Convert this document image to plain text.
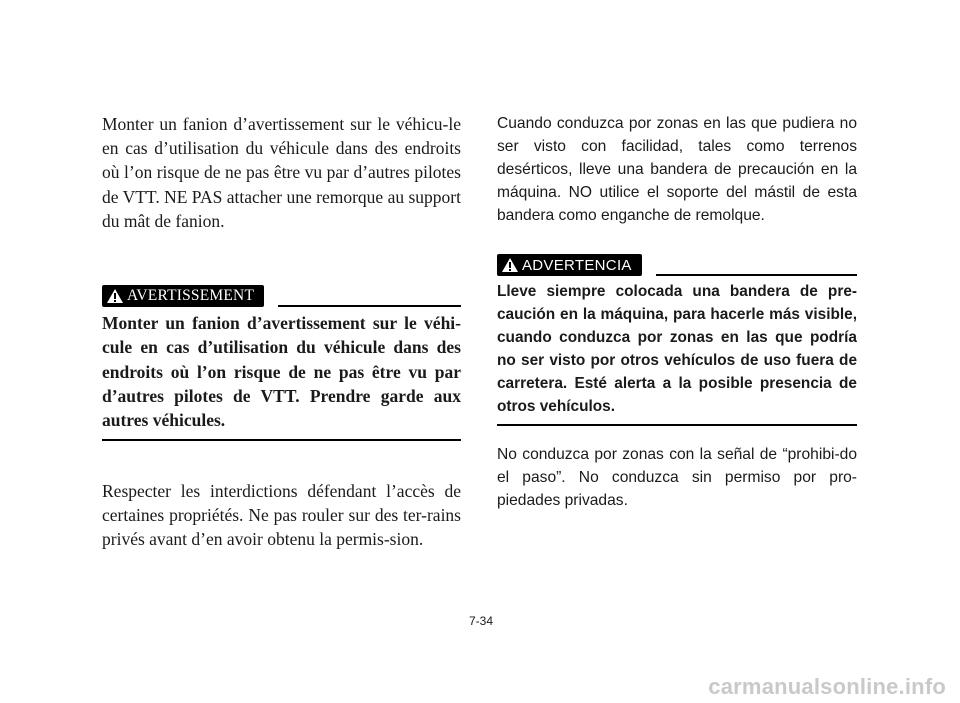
Monter un fanion d’avertissement sur le véhicu-le en cas d’utilisation du véhicule dans des endroits où l’on risque de ne pas être vu par d’autres pilotes de VTT. NE PAS attacher une remorque au support du mât de fanion.

AVERTISSEMENT

Monter un fanion d’avertissement sur le véhi-cule en cas d’utilisation du véhicule dans des endroits où l’on risque de ne pas être vu par d’autres pilotes de VTT. Prendre garde aux autres véhicules.

Respecter les interdictions défendant l’accès de certaines propriétés. Ne pas rouler sur des ter-rains privés avant d’en avoir obtenu la permis-sion.

Cuando conduzca por zonas en las que pudiera no ser visto con facilidad, tales como terrenos desérticos, lleve una bandera de precaución en la máquina. NO utilice el soporte del mástil de esta bandera como enganche de remolque.

ADVERTENCIA

Lleve siempre colocada una bandera de pre-caución en la máquina, para hacerle más visible, cuando conduzca por zonas en las que podría no ser visto por otros vehículos de uso fuera de carretera. Esté alerta a la posible presencia de otros vehículos.

No conduzca por zonas con la señal de “prohibi-do el paso”. No conduzca sin permiso por pro-piedades privadas.

7-34
carmanualsonline.info
